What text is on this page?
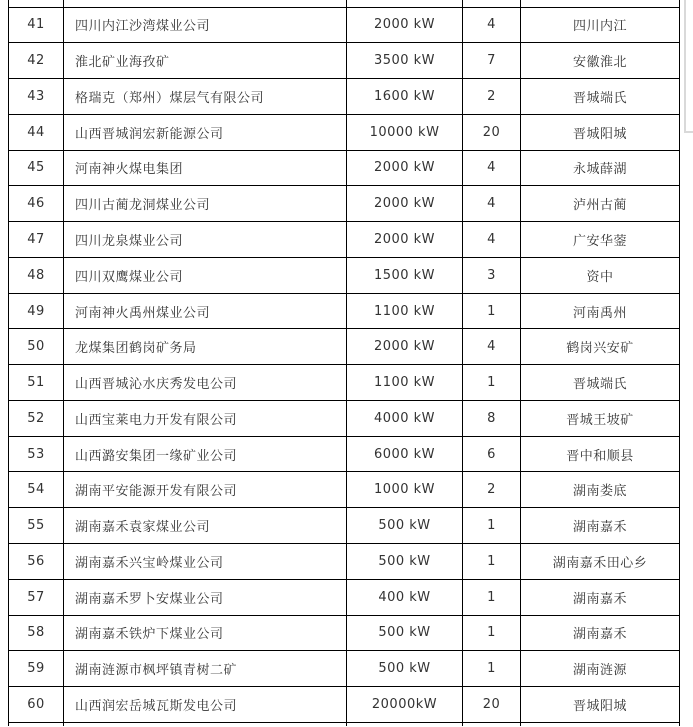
41	四川内江沙湾煤业公司	2000 kW	4	四川内江
42	淮北矿业海孜矿	3500 kW	7	安徽淮北
43	格瑞克（郑州）煤层气有限公司	1600 kW	2	晋城端氏
44	山西晋城润宏新能源公司	10000 kW	20	晋城阳城
45	河南神火煤电集团	2000 kW	4	永城薛湖
46	四川古蔺龙洞煤业公司	2000 kW	4	泸州古蔺
47	四川龙泉煤业公司	2000 kW	4	广安华蓥
48	四川双鹰煤业公司	1500 kW	3	资中
49	河南神火禹州煤业公司	1100 kW	1	河南禹州
50	龙煤集团鹤岗矿务局	2000 kW	4	鹤岗兴安矿
51	山西晋城沁水庆秀发电公司	1100 kW	1	晋城端氏
52	山西宝莱电力开发有限公司	4000 kW	8	晋城王坡矿
53	山西潞安集团一缘矿业公司	6000 kW	6	晋中和顺县
54	湖南平安能源开发有限公司	1000 kW	2	湖南娄底
55	湖南嘉禾袁家煤业公司	500 kW	1	湖南嘉禾
56	湖南嘉禾兴宝岭煤业公司	500 kW	1	湖南嘉禾田心乡
57	湖南嘉禾罗卜安煤业公司	400 kW	1	湖南嘉禾
58	湖南嘉禾铁炉下煤业公司	500 kW	1	湖南嘉禾
59	湖南涟源市枫坪镇青树二矿	500 kW	1	湖南涟源
60	山西润宏岳城瓦斯发电公司	20000kW	20	晋城阳城
